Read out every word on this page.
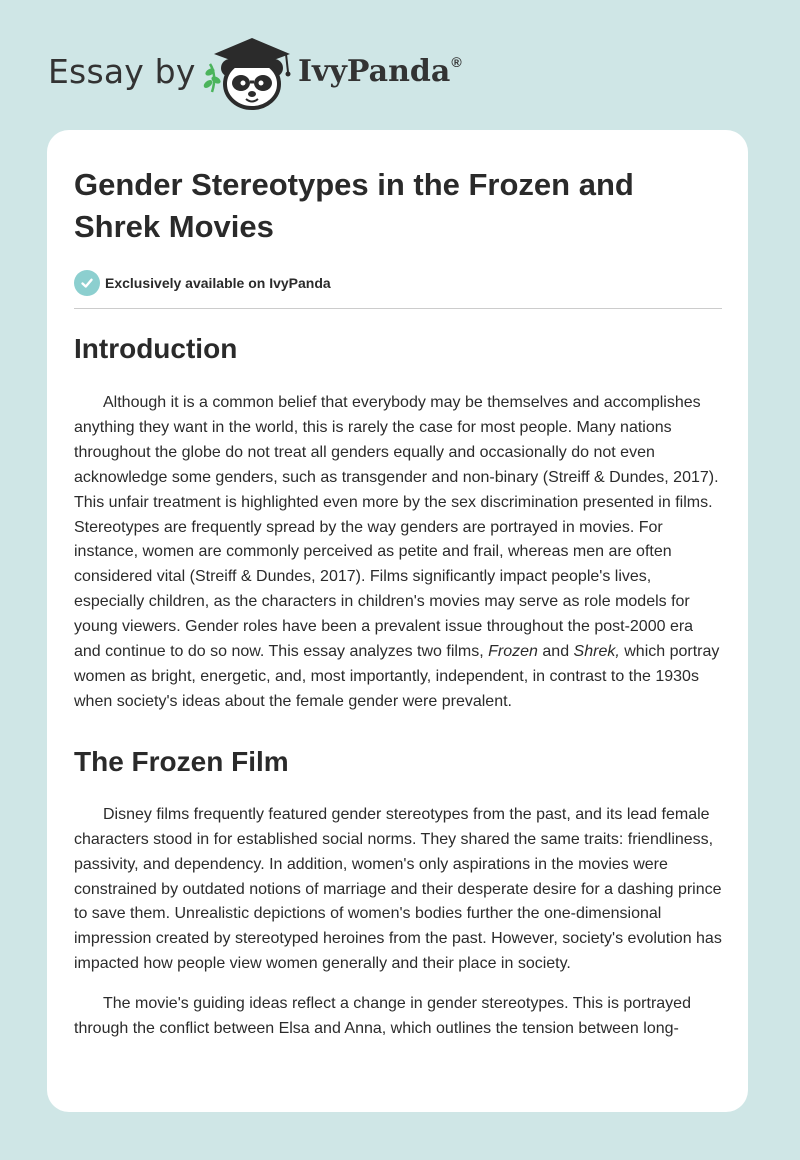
Essay by	IvyPanda®
Gender Stereotypes in the Frozen and Shrek Movies
Exclusively available on IvyPanda
Introduction

Although it is a common belief that everybody may be themselves and accomplishes anything they want in the world, this is rarely the case for most people. Many nations throughout the globe do not treat all genders equally and occasionally do not even acknowledge some genders, such as transgender and non-binary (Streiff & Dundes, 2017). This unfair treatment is highlighted even more by the sex discrimination presented in films. Stereotypes are frequently spread by the way genders are portrayed in movies. For instance, women are commonly perceived as petite and frail, whereas men are often considered vital (Streiff & Dundes, 2017). Films significantly impact people's lives, especially children, as the characters in children's movies may serve as role models for young viewers. Gender roles have been a prevalent issue throughout the post-2000 era and continue to do so now. This essay analyzes two films, Frozen and Shrek, which portray women as bright, energetic, and, most importantly, independent, in contrast to the 1930s when society's ideas about the female gender were prevalent.

The Frozen Film

Disney films frequently featured gender stereotypes from the past, and its lead female characters stood in for established social norms. They shared the same traits: friendliness, passivity, and dependency. In addition, women's only aspirations in the movies were constrained by outdated notions of marriage and their desperate desire for a dashing prince to save them. Unrealistic depictions of women's bodies further the one-dimensional impression created by stereotyped heroines from the past. However, society's evolution has impacted how people view women generally and their place in society.

The movie's guiding ideas reflect a change in gender stereotypes. This is portrayed through the conflict between Elsa and Anna, which outlines the tension between long-
